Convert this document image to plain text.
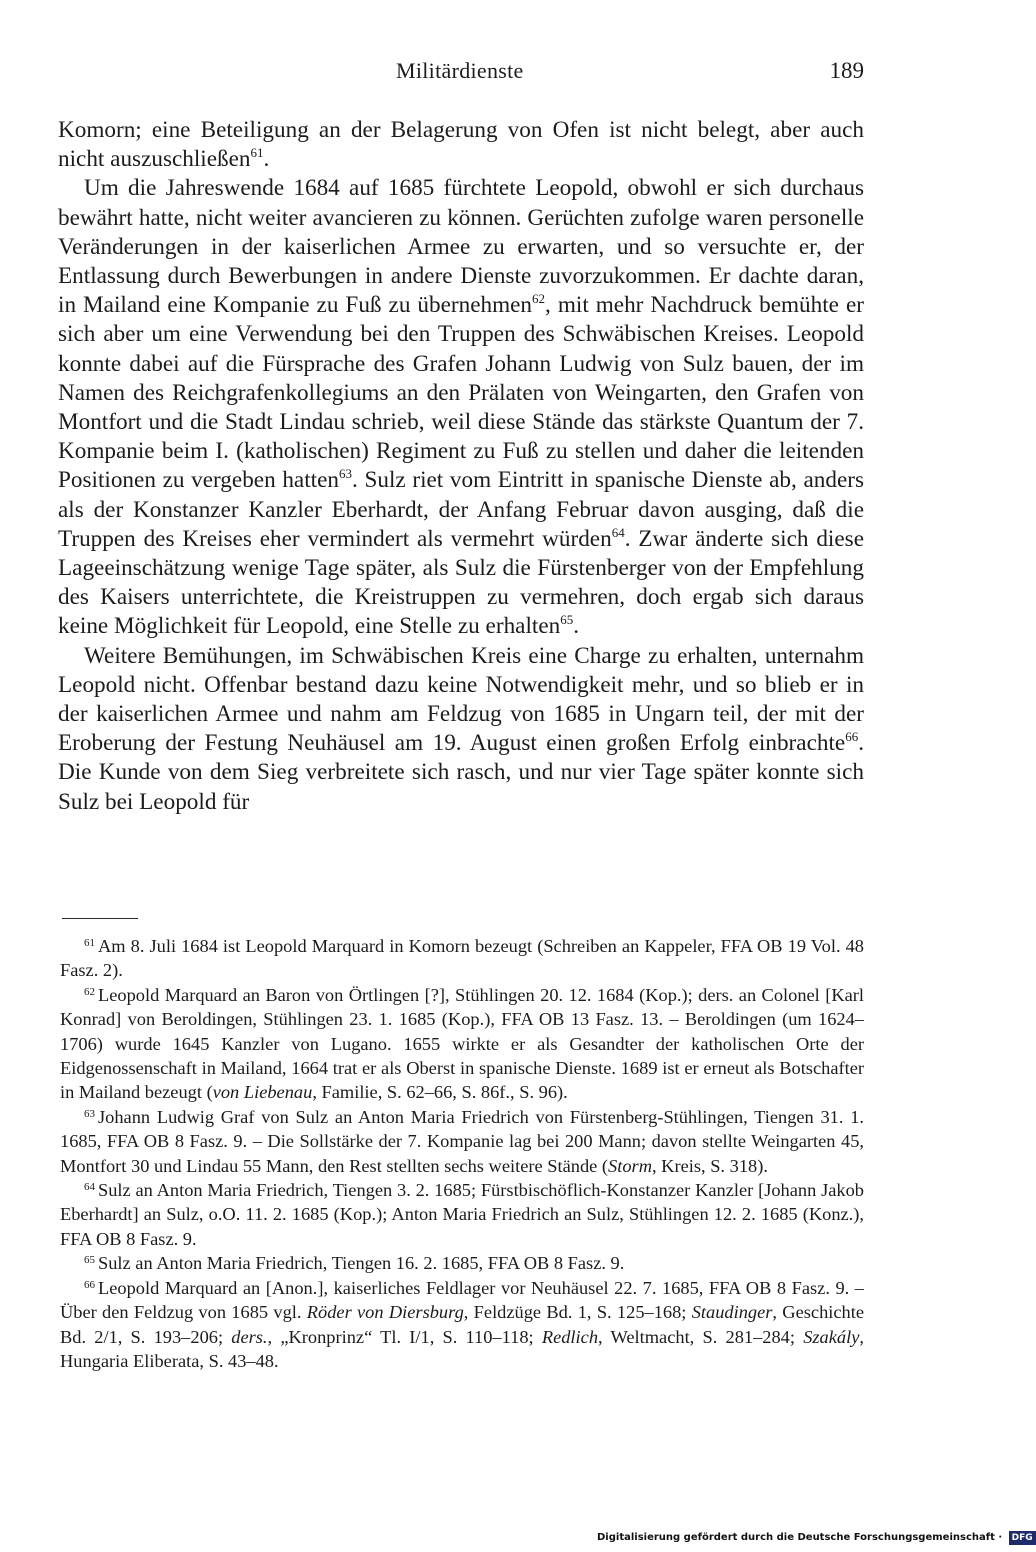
Militärdienste	189

Komorn; eine Beteiligung an der Belagerung von Ofen ist nicht belegt, aber auch nicht auszuschließen$^{61}$.

Um die Jahreswende 1684 auf 1685 fürchtete Leopold, obwohl er sich durchaus bewährt hatte, nicht weiter avancieren zu können. Gerüchten zufolge waren personelle Veränderungen in der kaiserlichen Armee zu erwarten, und so versuchte er, der Entlassung durch Bewerbungen in andere Dienste zuvorzukommen. Er dachte daran, in Mailand eine Kompanie zu Fuß zu übernehmen$^{62}$, mit mehr Nachdruck bemühte er sich aber um eine Verwendung bei den Truppen des Schwäbischen Kreises. Leopold konnte dabei auf die Fürsprache des Grafen Johann Ludwig von Sulz bauen, der im Namen des Reichgrafenkollegiums an den Prälaten von Weingarten, den Grafen von Montfort und die Stadt Lindau schrieb, weil diese Stände das stärkste Quantum der 7. Kompanie beim I. (katholischen) Regiment zu Fuß zu stellen und daher die leitenden Positionen zu vergeben hatten$^{63}$. Sulz riet vom Eintritt in spanische Dienste ab, anders als der Konstanzer Kanzler Eberhardt, der Anfang Februar davon ausging, daß die Truppen des Kreises eher vermindert als vermehrt würden$^{64}$. Zwar änderte sich diese Lageeinschätzung wenige Tage später, als Sulz die Fürstenberger von der Empfehlung des Kaisers unterrichtete, die Kreistruppen zu vermehren, doch ergab sich daraus keine Möglichkeit für Leopold, eine Stelle zu erhalten$^{65}$.

Weitere Bemühungen, im Schwäbischen Kreis eine Charge zu erhalten, unternahm Leopold nicht. Offenbar bestand dazu keine Notwendigkeit mehr, und so blieb er in der kaiserlichen Armee und nahm am Feldzug von 1685 in Ungarn teil, der mit der Eroberung der Festung Neuhäusel am 19. August einen großen Erfolg einbrachte$^{66}$. Die Kunde von dem Sieg verbreitete sich rasch, und nur vier Tage später konnte sich Sulz bei Leopold für

$^{61}$ Am 8. Juli 1684 ist Leopold Marquard in Komorn bezeugt (Schreiben an Kappeler, FFA OB 19 Vol. 48 Fasz. 2).

$^{62}$ Leopold Marquard an Baron von Örtlingen [?], Stühlingen 20. 12. 1684 (Kop.); ders. an Colonel [Karl Konrad] von Beroldingen, Stühlingen 23. 1. 1685 (Kop.), FFA OB 13 Fasz. 13. – Beroldingen (um 1624–1706) wurde 1645 Kanzler von Lugano. 1655 wirkte er als Gesandter der katholischen Orte der Eidgenossenschaft in Mailand, 1664 trat er als Oberst in spanische Dienste. 1689 ist er erneut als Botschafter in Mailand bezeugt (von Liebenau, Familie, S. 62–66, S. 86f., S. 96).

$^{63}$ Johann Ludwig Graf von Sulz an Anton Maria Friedrich von Fürstenberg-Stühlingen, Tiengen 31. 1. 1685, FFA OB 8 Fasz. 9. – Die Sollstärke der 7. Kompanie lag bei 200 Mann; davon stellte Weingarten 45, Montfort 30 und Lindau 55 Mann, den Rest stellten sechs weitere Stände (Storm, Kreis, S. 318).

$^{64}$ Sulz an Anton Maria Friedrich, Tiengen 3. 2. 1685; Fürstbischöflich-Konstanzer Kanzler [Johann Jakob Eberhardt] an Sulz, o.O. 11. 2. 1685 (Kop.); Anton Maria Friedrich an Sulz, Stühlingen 12. 2. 1685 (Konz.), FFA OB 8 Fasz. 9.

$^{65}$ Sulz an Anton Maria Friedrich, Tiengen 16. 2. 1685, FFA OB 8 Fasz. 9.

$^{66}$ Leopold Marquard an [Anon.], kaiserliches Feldlager vor Neuhäusel 22. 7. 1685, FFA OB 8 Fasz. 9. – Über den Feldzug von 1685 vgl. Röder von Diersburg, Feldzüge Bd. 1, S. 125–168; Staudinger, Geschichte Bd. 2/1, S. 193–206; ders., „Kronprinz“ Tl. I/1, S. 110–118; Redlich, Weltmacht, S. 281–284; Szakály, Hungaria Eliberata, S. 43–48.

Digitalisierung gefördert durch die Deutsche Forschungsgemeinschaft · DFG
